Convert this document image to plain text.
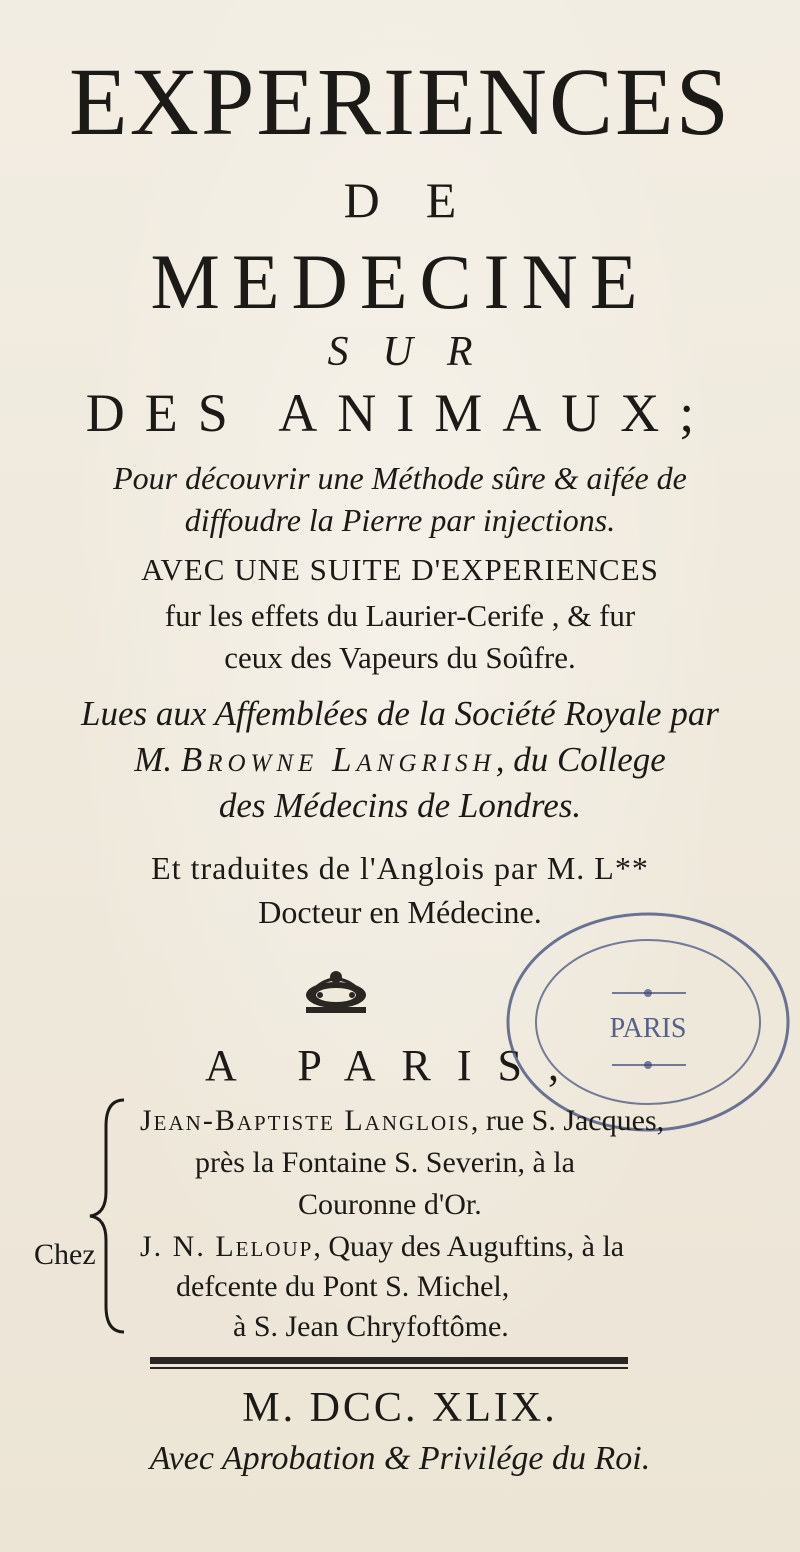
EXPERIENCES
DE
MEDECINE
SUR
DES ANIMAUX;
Pour découvrir une Méthode sûre & aifée de
diffoudre la Pierre par injections.
AVEC UNE SUITE D'EXPERIENCES
fur les effets du Laurier-Cerife , & fur
ceux des Vapeurs du Soûfre.
Lues aux Affemblées de la Société Royale par
M. Browne Langrish, du College
des Médecins de Londres.
Et traduites de l'Anglois par M. L**
Docteur en Médecine.
A PARIS,
PARIS
Chez
Jean-Baptiste Langlois, rue S. Jacques,
près la Fontaine S. Severin, à la
Couronne d'Or.
J. N. Leloup, Quay des Auguftins, à la
defcente du Pont S. Michel,
à S. Jean Chryfoftôme.
M. DCC. XLIX.
Avec Aprobation & Privilége du Roi.
